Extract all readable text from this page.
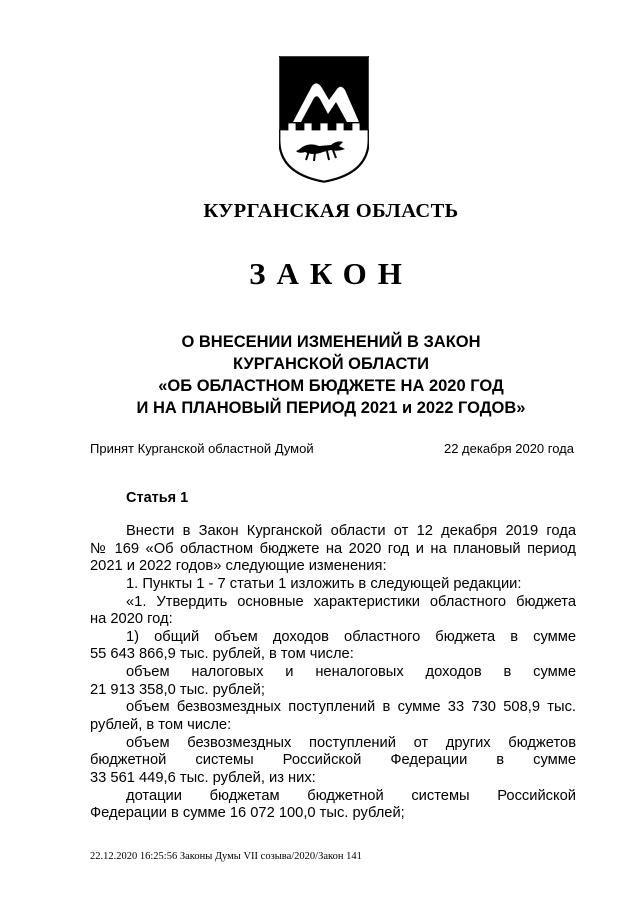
КУРГАНСКАЯ ОБЛАСТЬ
ЗАКОН
О ВНЕСЕНИИ ИЗМЕНЕНИЙ В ЗАКОН
КУРГАНСКОЙ ОБЛАСТИ
«ОБ ОБЛАСТНОМ БЮДЖЕТЕ НА 2020 ГОД
И НА ПЛАНОВЫЙ ПЕРИОД 2021 и 2022 ГОДОВ»
Принят Курганской областной Думой	22 декабря 2020 года
Статья 1
Внести в Закон Курганской области от 12 декабря 2019 года
№ 169 «Об областном бюджете на 2020 год и на плановый период
2021 и 2022 годов» следующие изменения:
1. Пункты 1 - 7 статьи 1 изложить в следующей редакции:
«1. Утвердить основные характеристики областного бюджета
на 2020 год:
1) общий объем доходов областного бюджета в сумме
55 643 866,9 тыс. рублей, в том числе:
объем налоговых и неналоговых доходов в сумме
21 913 358,0 тыс. рублей;
объем безвозмездных поступлений в сумме 33 730 508,9 тыс.
рублей, в том числе:
объем безвозмездных поступлений от других бюджетов
бюджетной системы Российской Федерации в сумме
33 561 449,6 тыс. рублей, из них:
дотации бюджетам бюджетной системы Российской
Федерации в сумме 16 072 100,0 тыс. рублей;
22.12.2020 16:25:56 Законы Думы VII созыва/2020/Закон 141
